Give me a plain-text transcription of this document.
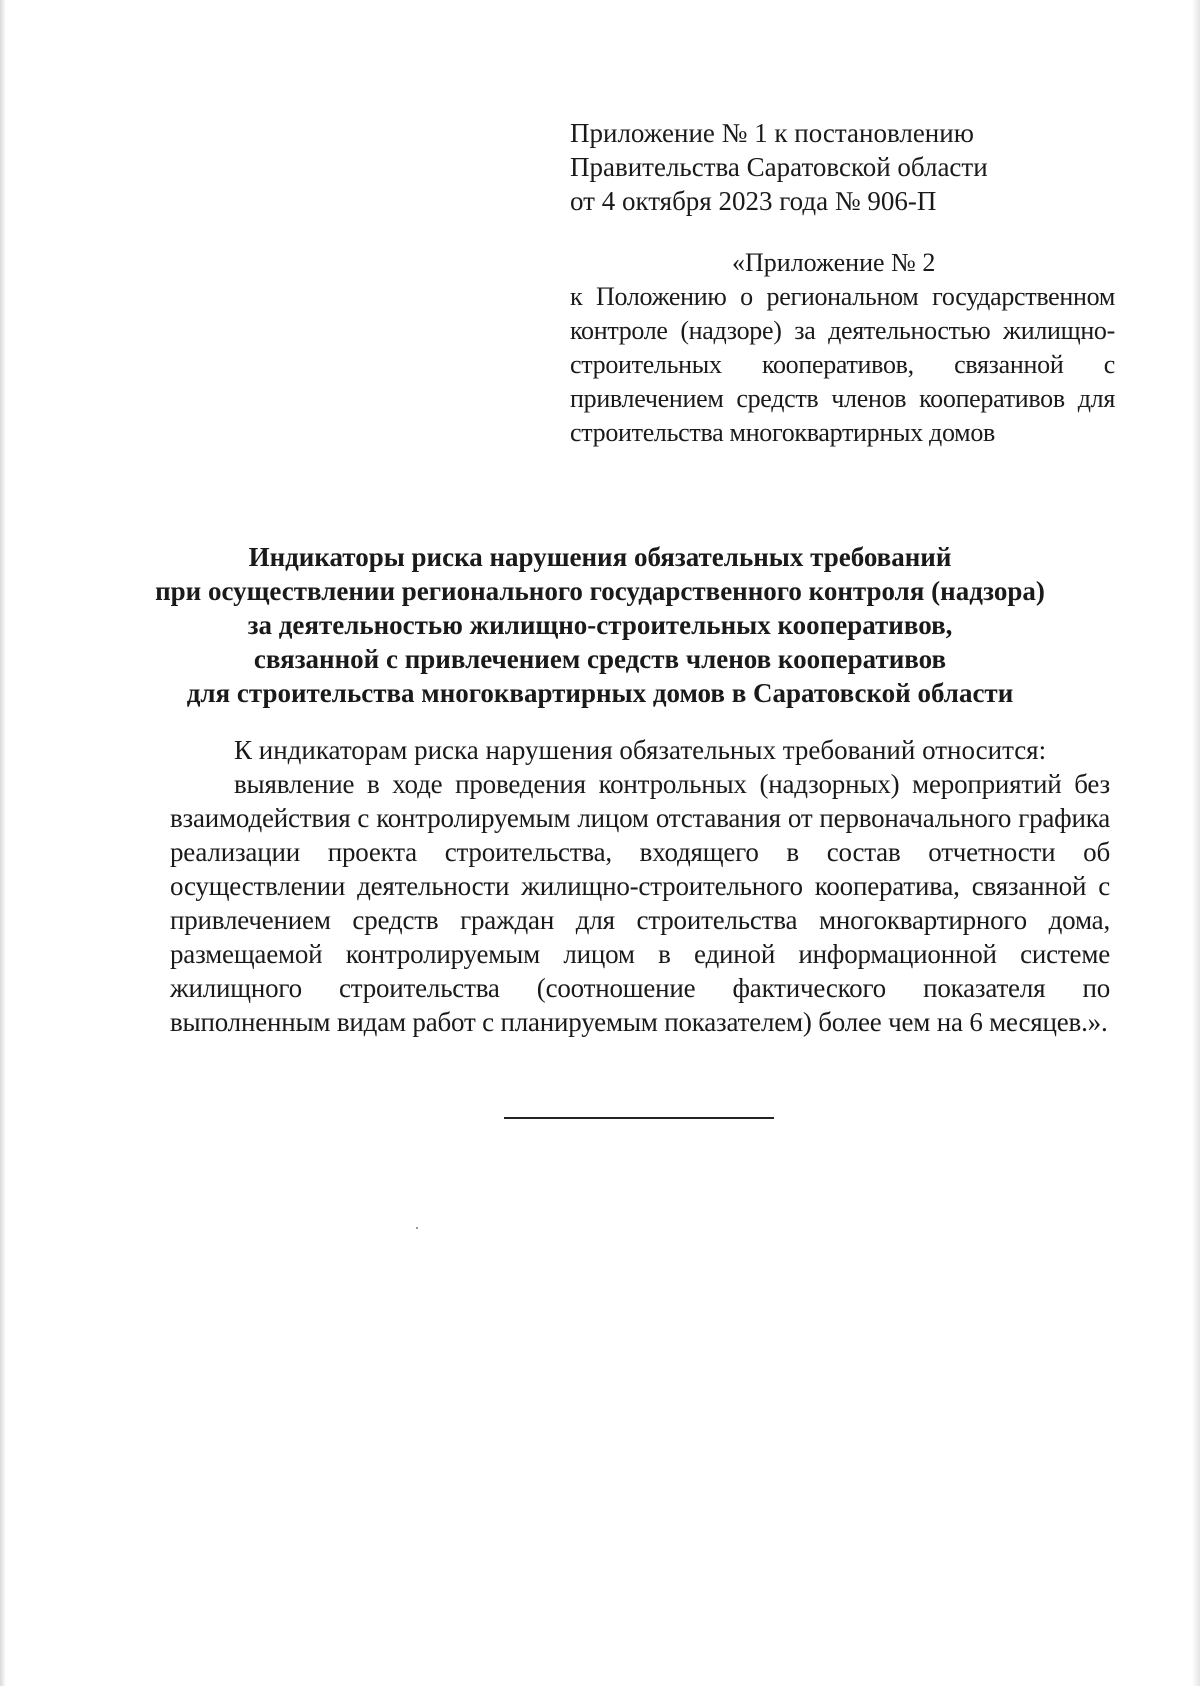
Приложение № 1 к постановлению
Правительства Саратовской области
от 4 октября 2023 года № 906-П
«Приложение № 2
к Положению о региональном государственном контроле (надзоре) за деятельностью жилищно-строительных кооперативов, связанной с привлечением средств членов кооперативов для строительства многоквартирных домов
Индикаторы риска нарушения обязательных требований
при осуществлении регионального государственного контроля (надзора)
за деятельностью жилищно-строительных кооперативов,
связанной с привлечением средств членов кооперативов
для строительства многоквартирных домов в Саратовской области
К индикаторам риска нарушения обязательных требований относится:
выявление в ходе проведения контрольных (надзорных) мероприятий без взаимодействия с контролируемым лицом отставания от первоначального графика реализации проекта строительства, входящего в состав отчетности об осуществлении деятельности жилищно-строительного кооператива, связанной с привлечением средств граждан для строительства многоквартирного дома, размещаемой контролируемым лицом в единой информационной системе жилищного строительства (соотношение фактического показателя по выполненным видам работ с планируемым показателем) более чем на 6 месяцев.».
